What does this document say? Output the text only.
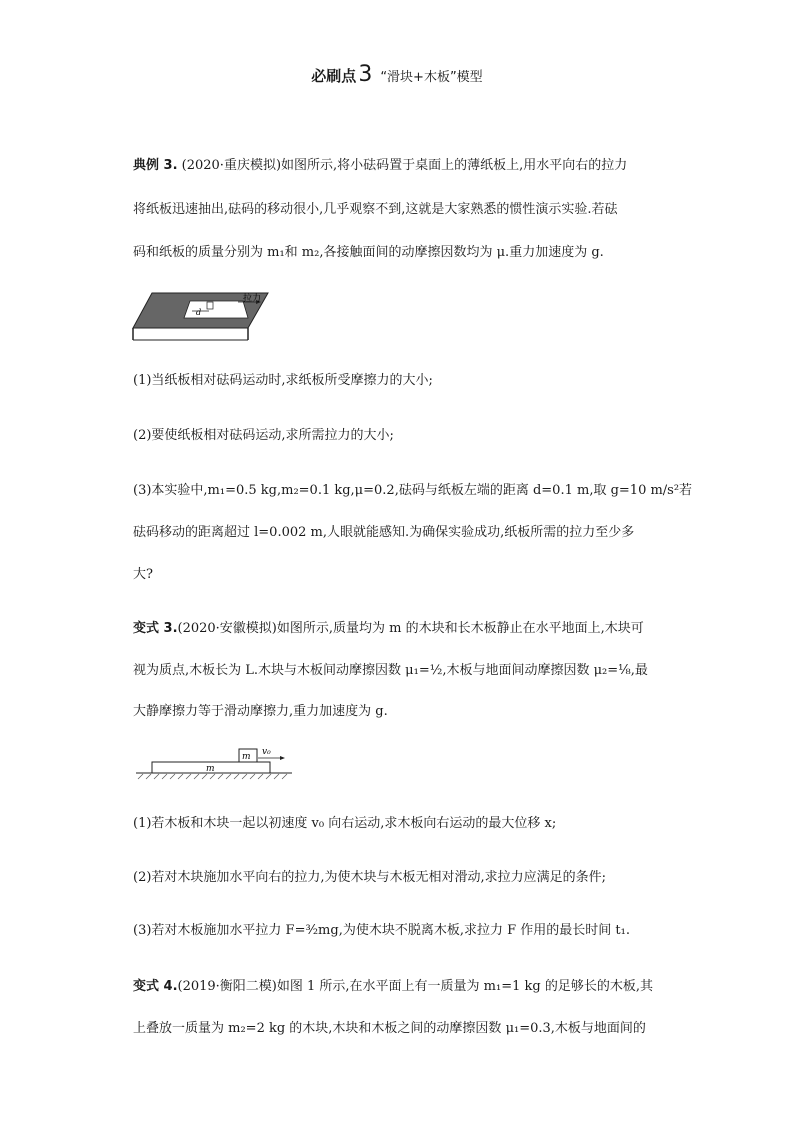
必刷点3 “滑块+木板”模型
典例 3. (2020·重庆模拟)如图所示,将小砝码置于桌面上的薄纸板上,用水平向右的拉力
将纸板迅速抽出,砝码的移动很小,几乎观察不到,这就是大家熟悉的惯性演示实验.若砝
码和纸板的质量分别为 m₁和 m₂,各接触面间的动摩擦因数均为 μ.重力加速度为 g.
d
拉力
(1)当纸板相对砝码运动时,求纸板所受摩擦力的大小;
(2)要使纸板相对砝码运动,求所需拉力的大小;
(3)本实验中,m₁=0.5 kg,m₂=0.1 kg,μ=0.2,砝码与纸板左端的距离 d=0.1 m,取 g=10 m/s²若
砝码移动的距离超过 l=0.002 m,人眼就能感知.为确保实验成功,纸板所需的拉力至少多
大?
变式 3.(2020·安徽模拟)如图所示,质量均为 m 的木块和长木板静止在水平地面上,木块可
视为质点,木板长为 L.木块与木板间动摩擦因数 μ₁=½,木板与地面间动摩擦因数 μ₂=⅛,最
大静摩擦力等于滑动摩擦力,重力加速度为 g.
m
m
v₀
(1)若木板和木块一起以初速度 v₀ 向右运动,求木板向右运动的最大位移 x;
(2)若对木块施加水平向右的拉力,为使木块与木板无相对滑动,求拉力应满足的条件;
(3)若对木板施加水平拉力 F=³⁄₂mg,为使木块不脱离木板,求拉力 F 作用的最长时间 t₁.
变式 4.(2019·衡阳二模)如图 1 所示,在水平面上有一质量为 m₁=1 kg 的足够长的木板,其
上叠放一质量为 m₂=2 kg 的木块,木块和木板之间的动摩擦因数 μ₁=0.3,木板与地面间的
